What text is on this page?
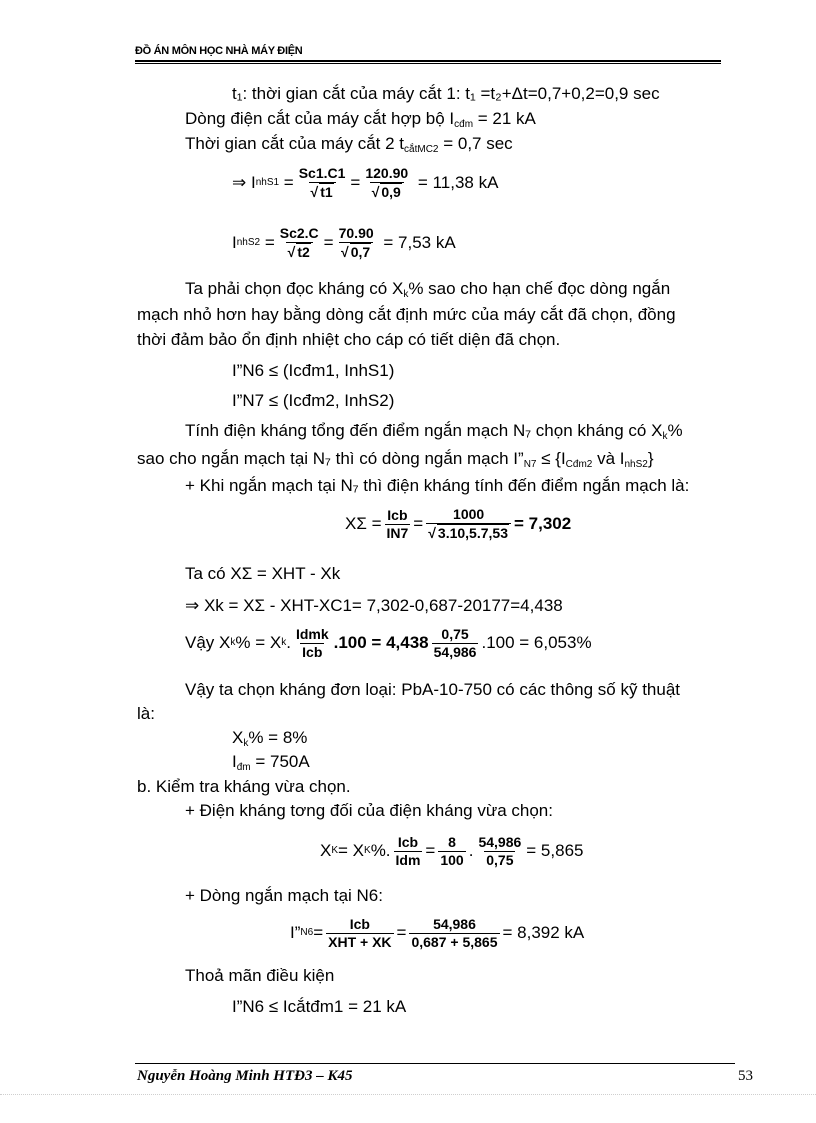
ĐỒ ÁN MÔN HỌC NHÀ MÁY ĐIỆN
t₁: thời gian cắt của máy cắt 1: t₁ =t₂+Δt=0,7+0,2=0,9 sec
Dòng điện cắt của máy cắt hợp bộ $I_{cđm} = 21$ kA
Thời gian cắt của máy cắt 2 $t_{cắtMC2} = 0,7$ sec
⇒ I $nhS1 = \frac{Sc1.C1}{√ t1} = \frac{120.90}{√ 0,9}$
= 11,38 kA
I $nhS2 = \frac{Sc2.C}{√ t2} = \frac{70.90}{√ 0,7}$
= 7,53 kA
Ta phải chọn đọc kháng có $X_k\%$ sao cho hạn chế đọc dòng ngắn
mạch nhỏ hơn hay bằng dòng cắt định mức của máy cắt đã chọn, đồng
thời đảm bảo ổn định nhiệt cho cáp có tiết diện đã chọn.
I”N6 ≤ (Icđm1, InhS1)
I”N7 ≤ (Icđm2, InhS2)
Tính điện kháng tổng đến điểm ngắn mạch N₇ chọn kháng có $X_k\%$
sao cho ngắn mạch tại N₇ thì có dòng ngắn mạch $I”_{N7} \le \{I_{Cđm2}$ và $I_{nhS2}$}
+ Khi ngắn mạch tại N₇ thì điện kháng tính đến điểm ngắn mạch là:
$X\Sigma = \frac{\text{Icb}}{IN7} = \frac{1000}{√ 3.10,5.7,53} = 7,302$
Ta có XΣ = XHT - Xk
⇒ Xk = XΣ - XHT-XC1= 7,302-0,687-20177=4,438
Vậy X k % = X k . $\frac{\text{Idmk}}{\text{Icb}} .100 = 4,438 \frac{0,75}{54,986} .100 = 6,053\%$
Vậy ta chọn kháng đơn loại: PbA-10-750 có các thông số kỹ thuật
là:
$X_k\% = 8\%$
$I_{đm} = 750A$
b. Kiểm tra kháng vừa chọn.
+ Điện kháng tơng đối của điện kháng vừa chọn:
X K = X K %. $\frac{\text{Icb}}{\text{Idm}} = \frac{8}{100}$ . $\frac{54,986}{0,75} = 5,865$
+ Dòng ngắn mạch tại N6:
I” $N6 = \frac{\text{Icb}}{\text{XHT + XK}} = \frac{54,986}{0,687 + 5,865} = 8,392$ kA
Thoả mãn điều kiện
I”N6 ≤ Icắtđm1 = 21 kA
Nguyễn Hoàng Minh HTĐ3 – K45	53
